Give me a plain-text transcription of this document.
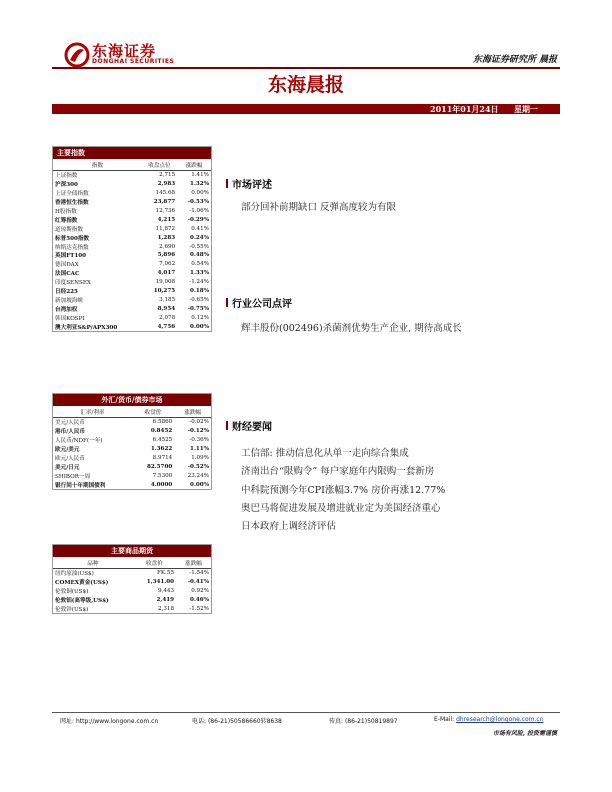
东海证券
DONGHAI SECURITIES	东海证券研究所 晨报
东海晨报
2011年01月24日 星期一
主要指数
指数	收盘点位	涨跌幅
上证指数	2,715	1.41%
沪深300	2,983	1.32%
上证全债指数	145.68	0.00%
香港恒生指数	23,877	-0.53%
H股指数	12,736	-1.06%
红筹指数	4,215	-0.29%
道琼斯指数	11,872	0.41%
标普500指数	1,283	0.24%
纳斯达克指数	2,690	-0.55%
英国FT100	5,896	0.48%
德国DAX	7,062	0.54%
法国CAC	4,017	1.33%
印度SENSEX	19,008	-1.24%
日经225	10,275	0.18%
新加坡海峡	3,185	-0.65%
台湾加权	8,954	-0.75%
韩国KOSPI	2,078	0.12%
澳大利亚S&P/APX300	4,756	0.00%
外汇/货币/债券市场
汇率/利率	收盘价	涨跌幅
美元/人民币	6.5860	-0.02%
港币/人民币	0.8452	-0.12%
人民币/NDF(一年)	6.4525	-0.36%
欧元/美元	1.3622	1.11%
欧元/人民币	8.9714	1.09%
美元/日元	82.5700	-0.52%
SHIBOR一周	7.5300	23.24%
银行间十年期国债利	4.0000	0.00%
主要商品期货
品种	收盘价	涨跌幅
纽约原油(US$)	FK.55	-1.54%
COMEX黄金(US$)	1,341.00	-0.41%
伦敦铜(US$)	9,443	0.92%
伦敦铝(高等级,US$)	2,419	0.46%
伦敦锌(US$)	2,318	-1.52%
市场评述
部分回补前期缺口 反弹高度较为有限
行业公司点评
辉丰股份(002496)杀菌剂优势生产企业, 期待高成长
财经要闻
工信部: 推动信息化从单一走向综合集成
济南出台“限购令” 每户家庭年内限购一套新房
中科院预测今年CPI涨幅3.7% 房价再涨12.77%
奥巴马将促进发展及增进就业定为美国经济重心
日本政府上调经济评估
网址: http://www.longone.com.cn	电话: (86-21)50586660转8638	传真: (86-21)50819897	E-Mail: dhresearch@longone.com.cn
市场有风险, 投资需谨慎
